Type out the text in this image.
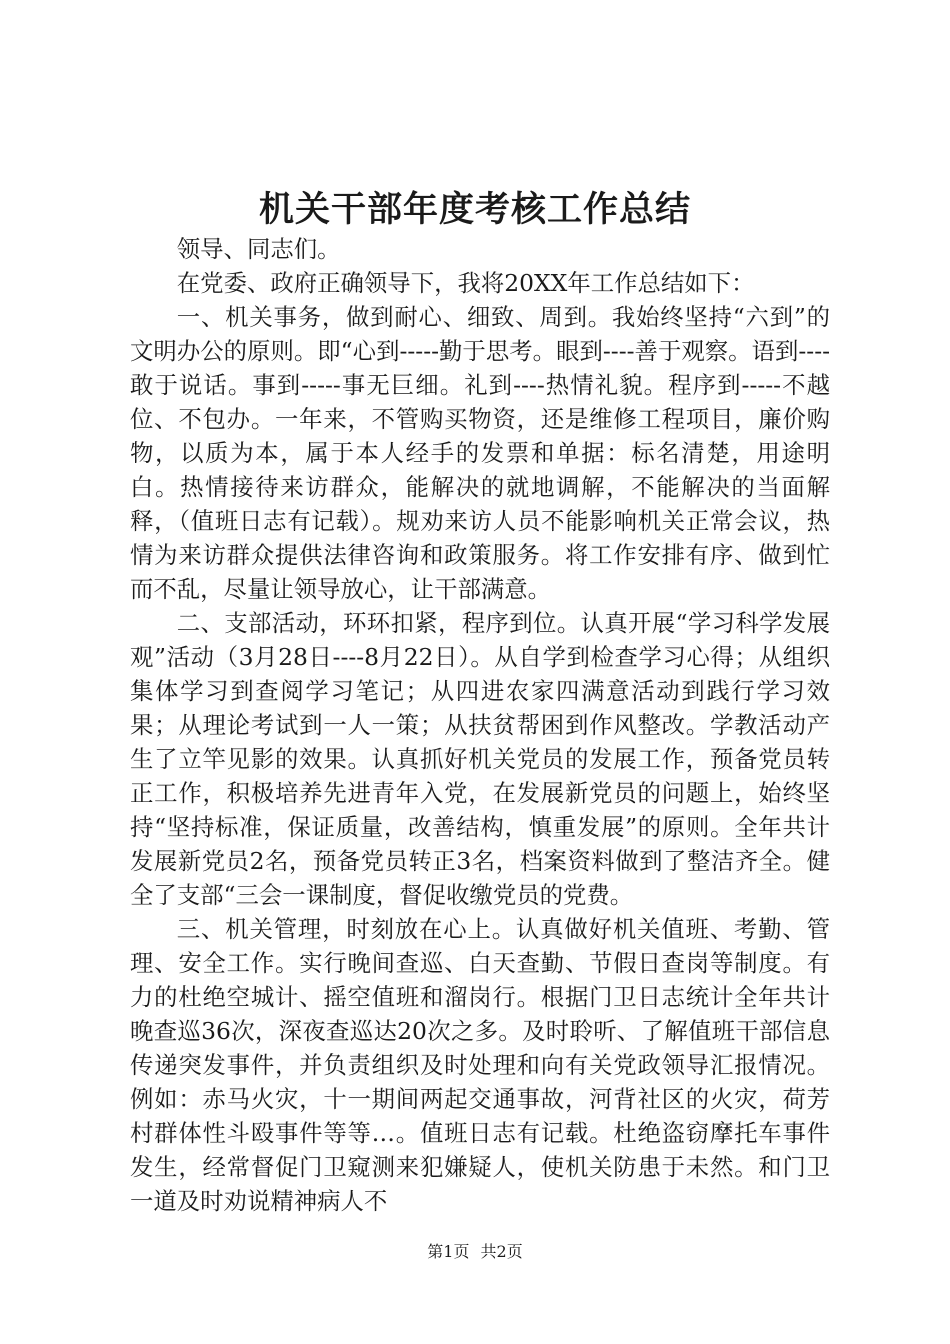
机关干部年度考核工作总结

领导、同志们。

在党委、政府正确领导下，我将20XX年工作总结如下：

一、机关事务，做到耐心、细致、周到。我始终坚持“六到”的文明办公的原则。即“心到-----勤于思考。眼到----善于观察。语到----敢于说话。事到-----事无巨细。礼到----热情礼貌。程序到-----不越位、不包办。一年来，不管购买物资，还是维修工程项目，廉价购物，以质为本，属于本人经手的发票和单据：标名清楚，用途明白。热情接待来访群众，能解决的就地调解，不能解决的当面解释，（值班日志有记载）。规劝来访人员不能影响机关正常会议，热情为来访群众提供法律咨询和政策服务。将工作安排有序、做到忙而不乱，尽量让领导放心，让干部满意。

二、支部活动，环环扣紧，程序到位。认真开展“学习科学发展观”活动（3月28日----8月22日）。从自学到检查学习心得；从组织集体学习到查阅学习笔记；从四进农家四满意活动到践行学习效果；从理论考试到一人一策；从扶贫帮困到作风整改。学教活动产生了立竿见影的效果。认真抓好机关党员的发展工作，预备党员转正工作，积极培养先进青年入党，在发展新党员的问题上，始终坚持“坚持标准，保证质量，改善结构，慎重发展”的原则。全年共计发展新党员2名，预备党员转正3名，档案资料做到了整洁齐全。健全了支部“三会一课制度，督促收缴党员的党费。

三、机关管理，时刻放在心上。认真做好机关值班、考勤、管理、安全工作。实行晚间查巡、白天查勤、节假日查岗等制度。有力的杜绝空城计、摇空值班和溜岗行。根据门卫日志统计全年共计晚查巡36次，深夜查巡达20次之多。及时聆听、了解值班干部信息传递突发事件，并负责组织及时处理和向有关党政领导汇报情况。例如：赤马火灾，十一期间两起交通事故，河背社区的火灾，荷芳村群体性斗殴事件等等…。值班日志有记载。杜绝盗窃摩托车事件发生，经常督促门卫窥测来犯嫌疑人，使机关防患于未然。和门卫一道及时劝说精神病人不

第1页 共2页
